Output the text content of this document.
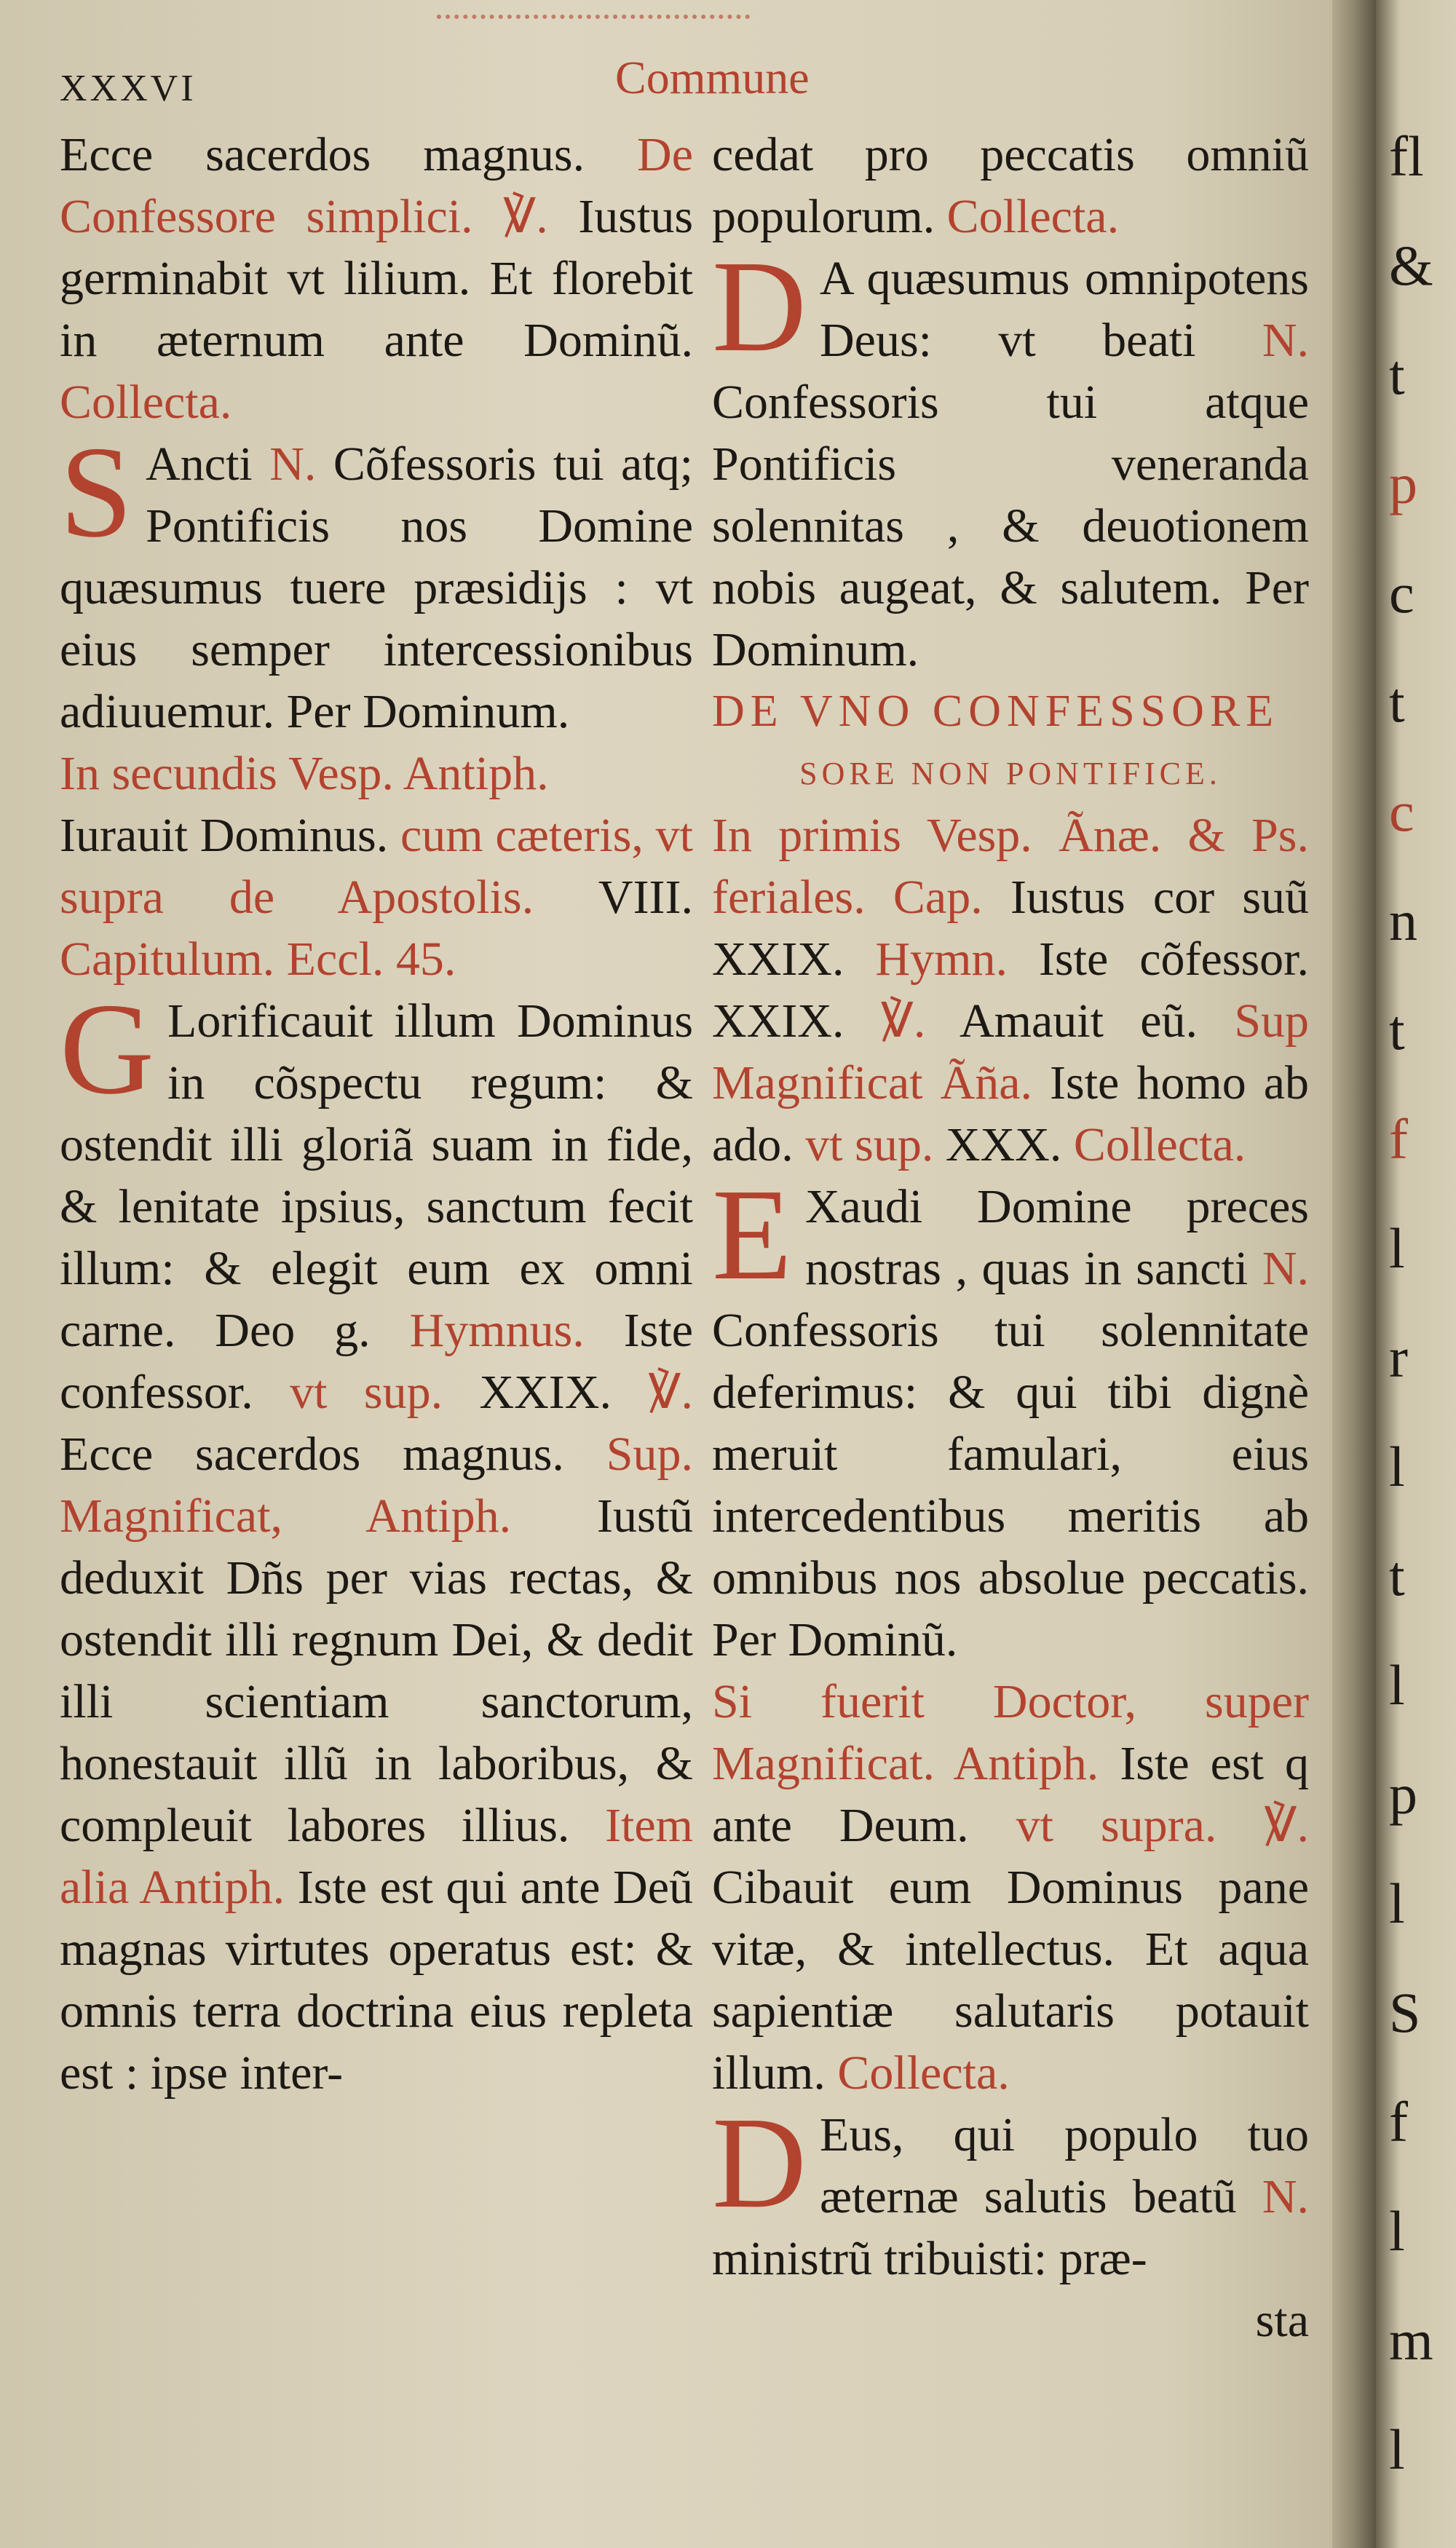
XXXVI	Commune

Ecce sacerdos magnus. De Confessore simplici. ℣. Iustus germinabit vt lilium. Et florebit in æternum ante Dominũ. Collecta.

S Ancti N. Cõfessoris tui atq; Pontificis nos Domine quæsumus tuere præsidijs : vt eius semper intercessionibus adiuuemur. Per Dominum.

In secundis Vesp. Antiph.
Iurauit Dominus. cum cæteris, vt supra de Apostolis. VIII. Capitulum. Eccl. 45.

G Lorificauit illum Dominus in cõspectu regum: & ostendit illi gloriã suam in fide, & lenitate ipsius, sanctum fecit illum: & elegit eum ex omni carne. Deo g. Hymnus. Iste confessor. vt sup. XXIX. ℣. Ecce sacerdos magnus. Sup. Magnificat, Antiph. Iustũ deduxit Dñs per vias rectas, & ostendit illi regnum Dei, & dedit illi scientiam sanctorum, honestauit illũ in laboribus, & compleuit labores illius. Item alia Antiph. Iste est qui ante Deũ magnas virtutes operatus est: & omnis terra doctrina eius repleta est : ipse inter-

cedat pro peccatis omniũ populorum. Collecta.

D A quæsumus omnipotens Deus: vt beati N. Confessoris tui atque Pontificis veneranda solennitas , & deuotionem nobis augeat, & salutem. Per Dominum.

DE VNO CONFESSORE

SORE NON PONTIFICE.

In primis Vesp. Ãnæ. & Ps. feriales. Cap. Iustus cor suũ XXIX. Hymn. Iste cõfessor. XXIX. ℣. Amauit eũ. Sup Magnificat Ãña. Iste homo ab ado. vt sup. XXX. Collecta.

E Xaudi Domine preces nostras , quas in sancti N. Confessoris tui solennitate deferimus: & qui tibi dignè meruit famulari, eius intercedentibus meritis ab omnibus nos absolue peccatis. Per Dominũ.

Si fuerit Doctor, super Magnificat. Antiph. Iste est q ante Deum. vt supra. ℣. Cibauit eum Dominus pane vitæ, & intellectus. Et aqua sapientiæ salutaris potauit illum. Collecta.

D Eus, qui populo tuo æternæ salutis beatũ N. ministrũ tribuisti: præ-

sta

fl
&
t
p
c
t
c
n
t
f
l
r
l
t
l
p
l
S
f
l
m
l
